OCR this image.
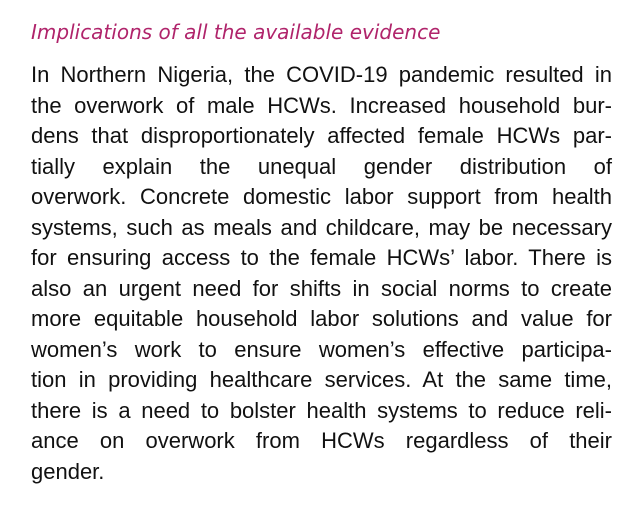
Implications of all the available evidence
In Northern Nigeria, the COVID-19 pandemic resulted in
the overwork of male HCWs. Increased household bur-
dens that disproportionately affected female HCWs par-
tially explain the unequal gender distribution of
overwork. Concrete domestic labor support from health
systems, such as meals and childcare, may be necessary
for ensuring access to the female HCWs’ labor. There is
also an urgent need for shifts in social norms to create
more equitable household labor solutions and value for
women’s work to ensure women’s effective participa-
tion in providing healthcare services. At the same time,
there is a need to bolster health systems to reduce reli-
ance on overwork from HCWs regardless of their
gender.
